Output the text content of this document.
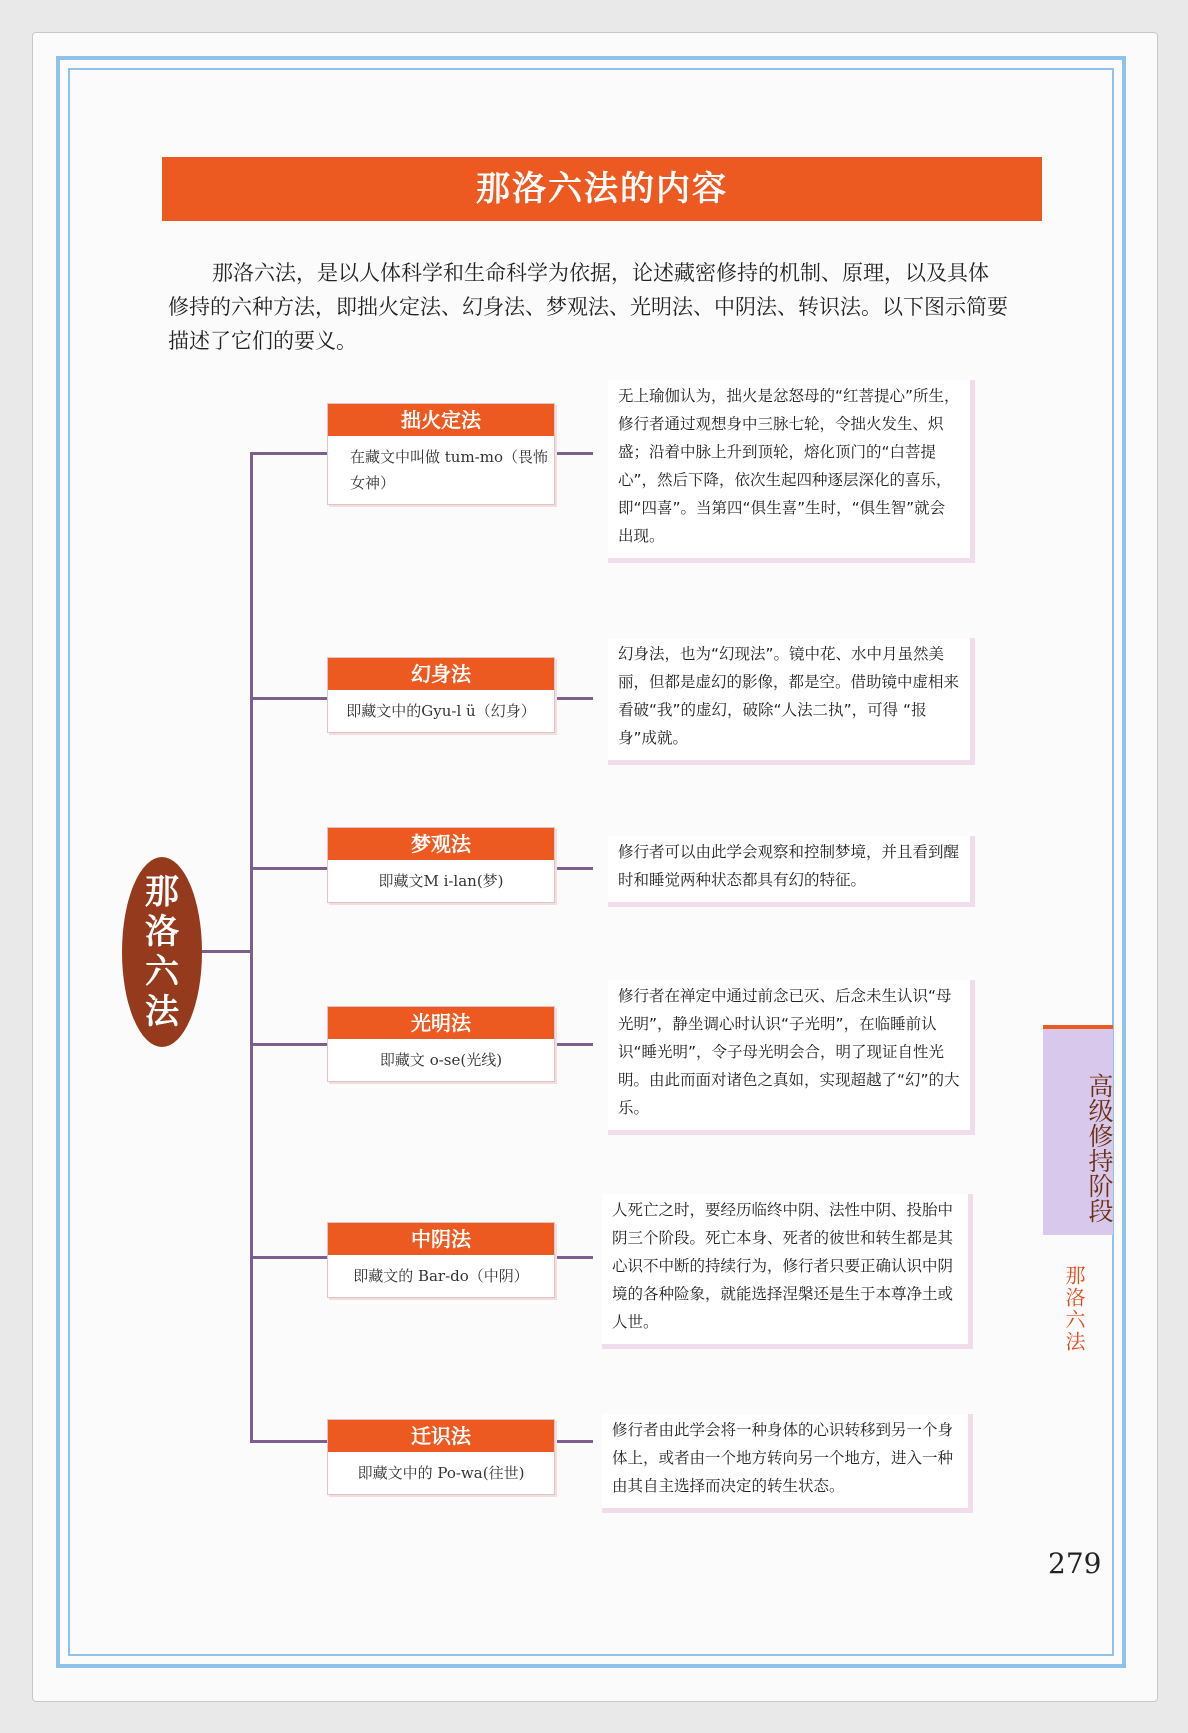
那洛六法的内容

那洛六法，是以人体科学和生命科学为依据，论述藏密修持的机制、原理，以及具体修持的六种方法，即拙火定法、幻身法、梦观法、光明法、中阴法、转识法。以下图示简要描述了它们的要义。

那
洛
六
法
拙火定法
在藏文中叫做 tum-mo（畏怖女神）
无上瑜伽认为，拙火是忿怒母的“红菩提心”所生，修行者通过观想身中三脉七轮，令拙火发生、炽盛；沿着中脉上升到顶轮，熔化顶门的“白菩提心”，然后下降，依次生起四种逐层深化的喜乐，即“四喜”。当第四“俱生喜”生时，“俱生智”就会出现。
幻身法
即藏文中的Gyu-l ü（幻身）
幻身法，也为“幻现法”。镜中花、水中月虽然美丽，但都是虚幻的影像，都是空。借助镜中虚相来看破“我”的虚幻，破除“人法二执”，可得 “报身”成就。
梦观法
即藏文M i-lan(梦)
修行者可以由此学会观察和控制梦境，并且看到醒时和睡觉两种状态都具有幻的特征。
光明法
即藏文 o-se(光线)
修行者在禅定中通过前念已灭、后念未生认识“母光明”，静坐调心时认识“子光明”，在临睡前认识“睡光明”，令子母光明会合，明了现证自性光明。由此而面对诸色之真如，实现超越了“幻”的大乐。
中阴法
即藏文的 Bar-do（中阴）
人死亡之时，要经历临终中阴、法性中阴、投胎中阴三个阶段。死亡本身、死者的彼世和转生都是其心识不中断的持续行为，修行者只要正确认识中阴境的各种险象，就能选择涅槃还是生于本尊净土或人世。
迁识法
即藏文中的 Po-wa(往世)
修行者由此学会将一种身体的心识转移到另一个身体上，或者由一个地方转向另一个地方，进入一种由其自主选择而决定的转生状态。
高级修持阶段
那洛六法
279
